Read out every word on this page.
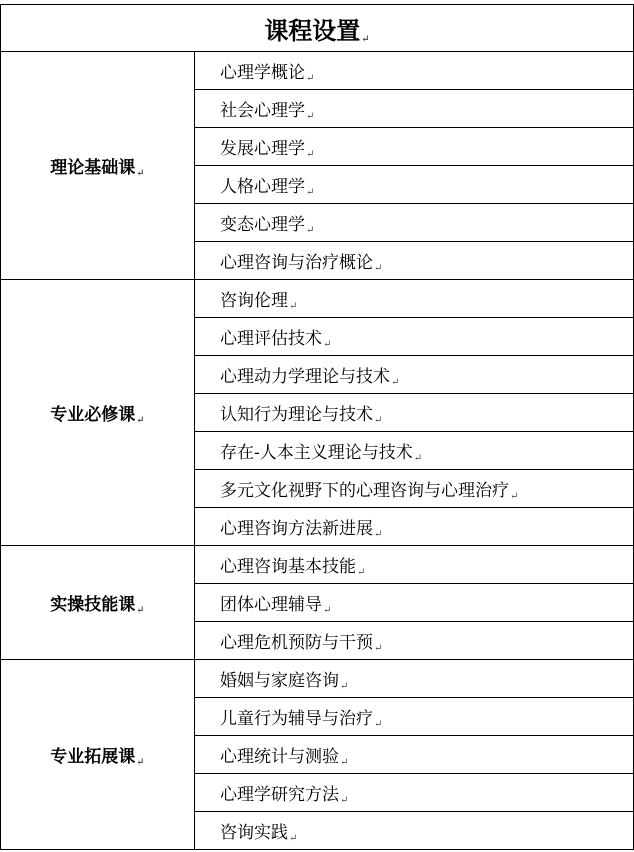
课程设置↵	
理论基础课↵	心理学概论↵
	社会心理学↵
	发展心理学↵
	人格心理学↵
	变态心理学↵
	心理咨询与治疗概论↵
专业必修课↵	咨询伦理↵
	心理评估技术↵
	心理动力学理论与技术↵
	认知行为理论与技术↵
	存在-人本主义理论与技术↵
	多元文化视野下的心理咨询与心理治疗↵
	心理咨询方法新进展↵
实操技能课↵	心理咨询基本技能↵
	团体心理辅导↵
	心理危机预防与干预↵
专业拓展课↵	婚姻与家庭咨询↵
	儿童行为辅导与治疗↵
	心理统计与测验↵
	心理学研究方法↵
	咨询实践↵
